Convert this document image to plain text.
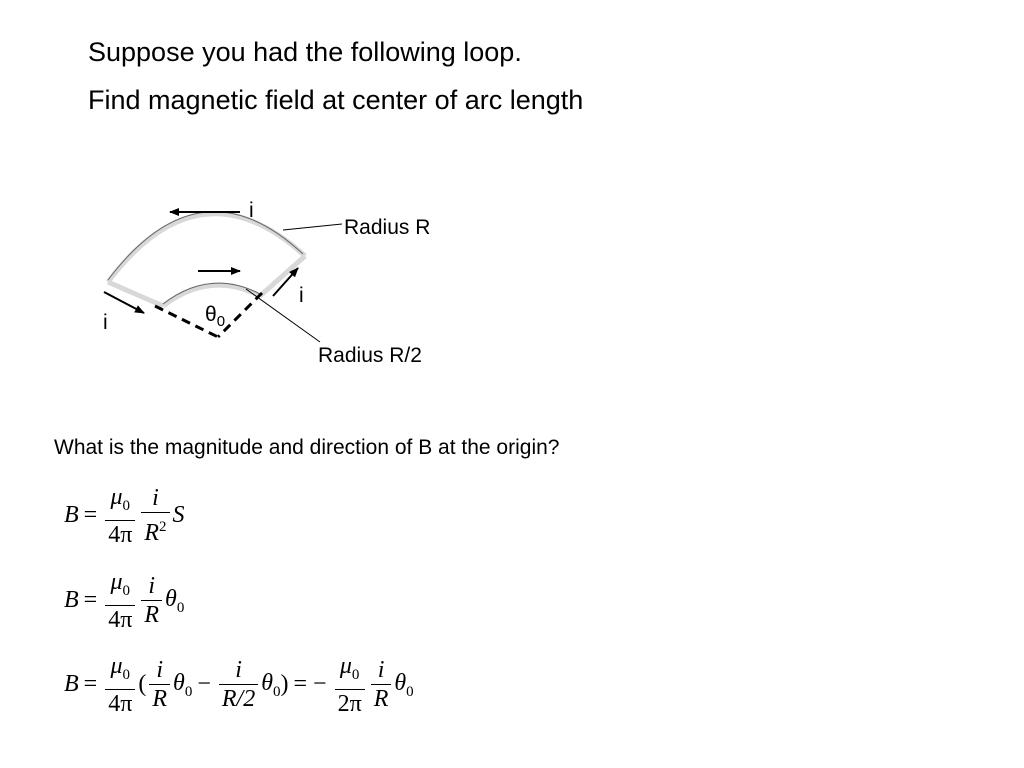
Suppose you had the following loop.
Find magnetic field at center of arc length
i
i
i
Radius R
Radius R/2
$\theta_0$
What is the magnitude and direction of B at the origin?
$B = \frac{\mu_0}{4\pi} \frac{i}{R^2}$ S
$B = \frac{\mu_0}{4\pi} \frac{i}{R} \theta_0$
$B = \frac{\mu_0}{4\pi}$ ( $\frac{i}{R} \theta_0 - \frac{i}{R/2} \theta_0$ ) = − $\frac{\mu_0}{2\pi} \frac{i}{R} \theta_0$
